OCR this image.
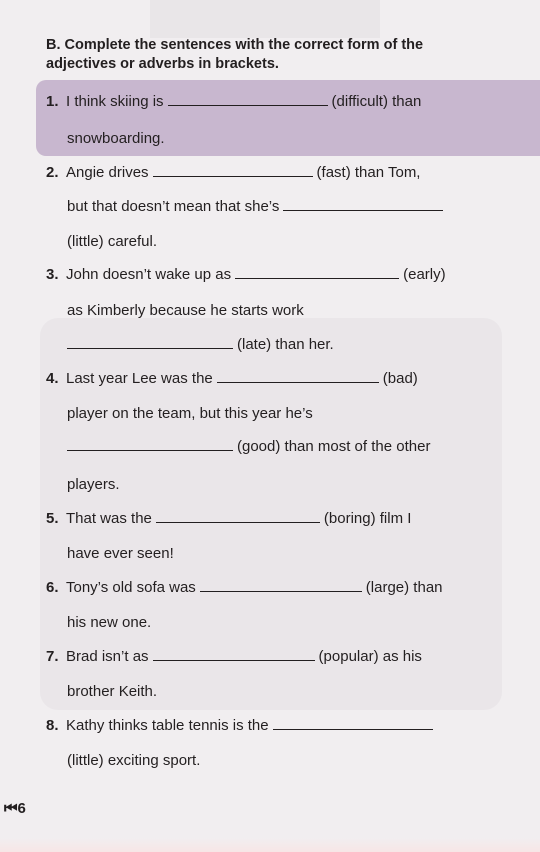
B. Complete the sentences with the correct form of the adjectives or adverbs in brackets.
1. I think skiing is	(difficult) than
snowboarding.
2. Angie drives	(fast) than Tom,
but that doesn’t mean that she’s
(little) careful.
3. John doesn’t wake up as	(early)
as Kimberly because he starts work
(late) than her.
4. Last year Lee was the	(bad)
player on the team, but this year he’s
(good) than most of the other
players.
5. That was the	(boring) film I
have ever seen!
6. Tony’s old sofa was	(large) than
his new one.
7. Brad isn’t as	(popular) as his
brother Keith.
8. Kathy thinks table tennis is the
(little) exciting sport.
⏮6
